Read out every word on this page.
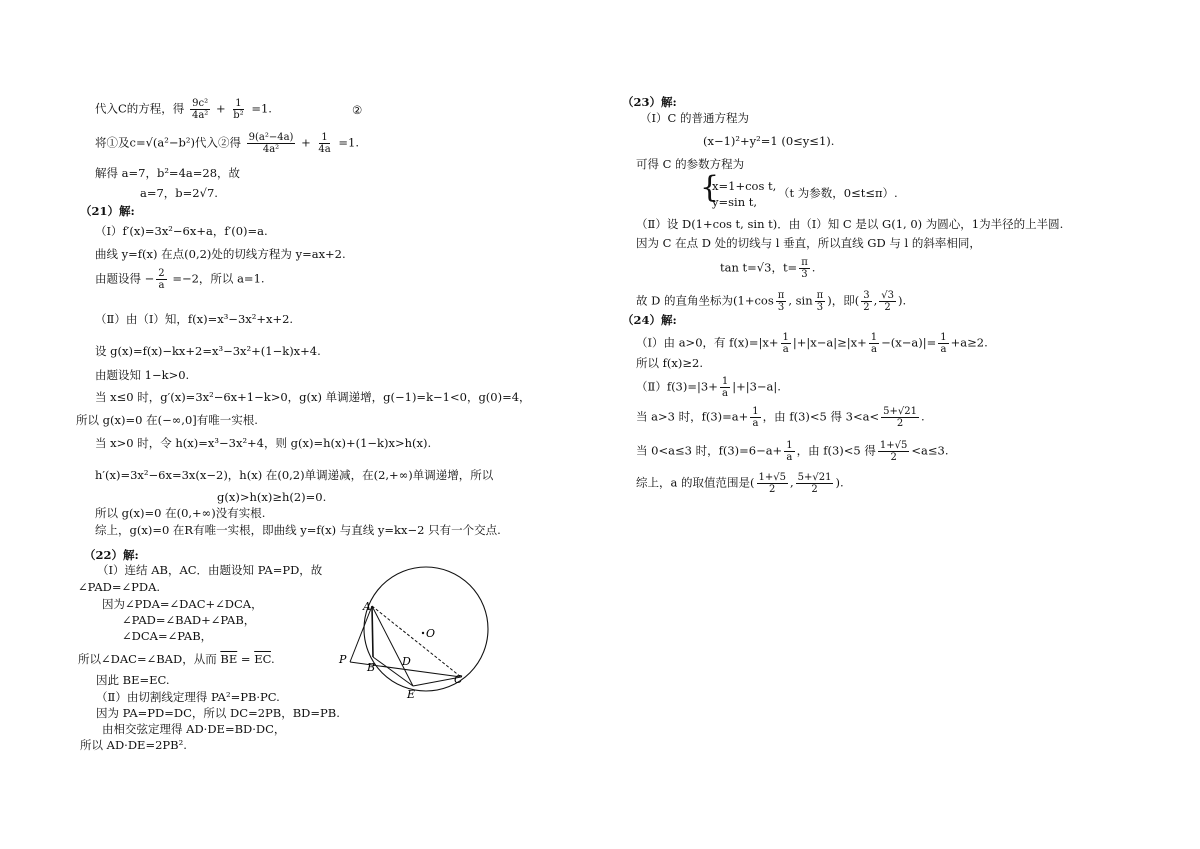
代入C的方程，得 $\frac{\text{9c²}}{\text{4a²}} + \frac{1}{\text{b²}} =1$.	②
将①及c=√(a²−b²)代入②得 $\frac{\text{9(a²−4a)}}{\text{4a²}} + \frac{1}{4a} =1$.
解得 a=7，b²=4a=28，故
a=7，b=2√7.
（21）解:
（Ⅰ）f′(x)=3x²−6x+a，f′(0)=a.
曲线 y=f(x) 在点(0,2)处的切线方程为 y=ax+2.
由题设得 − $\frac{2}{a} =-2$，所以 a=1.
（Ⅱ）由（Ⅰ）知，f(x)=x³−3x²+x+2.
设 g(x)=f(x)−kx+2=x³−3x²+(1−k)x+4.
由题设知 1−k>0.
当 x≤0 时，g′(x)=3x²−6x+1−k>0，g(x) 单调递增，g(−1)=k−1<0，g(0)=4，
所以 g(x)=0 在(−∞,0]有唯一实根.
当 x>0 时，令 h(x)=x³−3x²+4，则 g(x)=h(x)+(1−k)x>h(x).
h′(x)=3x²−6x=3x(x−2)，h(x) 在(0,2)单调递减，在(2,+∞)单调递增，所以
g(x)>h(x)≥h(2)=0.
所以 g(x)=0 在(0,+∞)没有实根.
综上，g(x)=0 在R有唯一实根，即曲线 y=f(x) 与直线 y=kx−2 只有一个交点.
（22）解:
（Ⅰ）连结 AB，AC．由题设知 PA=PD，故
∠PAD=∠PDA.
因为∠PDA=∠DAC+∠DCA，
∠PAD=∠BAD+∠PAB，
∠DCA=∠PAB，
所以∠DAC=∠BAD，从而 $\overline{BE} = \overline{EC}$.
因此 BE=EC.
（Ⅱ）由切割线定理得 PA²=PB·PC.
因为 PA=PD=DC，所以 DC=2PB，BD=PB.
由相交弦定理得 AD·DE=BD·DC，
所以 AD·DE=2PB².
A
O
P
B D
E
C
（23）解:
（Ⅰ）C 的普通方程为
(x−1)²+y²=1 (0≤y≤1).
可得 C 的参数方程为
{
x=1+cos t,
y=sin t,
（t 为参数，0≤t≤π）.
（Ⅱ）设 D(1+cos t, sin t)．由（Ⅰ）知 C 是以 G(1, 0) 为圆心，1为半径的上半圆.
因为 C 在点 D 处的切线与 l 垂直，所以直线 GD 与 l 的斜率相同，
tan t=√3，$t= \frac{\pi}{3}$ .
故 D 的直角坐标为($1+\cos \frac{\pi}{3}$ , $\sin \frac{\pi}{3}$ )，即( $\frac{3}{2}$ , $\frac{√3}{2}$ ).
（24）解:
（Ⅰ）由 a>0，有 $f(x)=|x+ \frac{1}{a} |+|x-a|\ge|x+ \frac{1}{a} -(x-a)|= \frac{1}{a} +a\ge 2$.
所以 f(x)≥2.
（Ⅱ）f(3)=|3+ $\frac{1}{a} |+|3-a|$.
当 a>3 时，$f(3)=a+ \frac{1}{a}$ ，由 f(3)<5 得 $3<a< \frac{5+√21}{2}$ .
当 0<a≤3 时，$f(3)=6-a+ \frac{1}{a}$ ，由 f(3)<5 得 $\frac{1+√5}{2} <a\le 3$.
综上，a 的取值范围是( $\frac{1+√5}{2}$ , $\frac{5+√21}{2}$ ).
